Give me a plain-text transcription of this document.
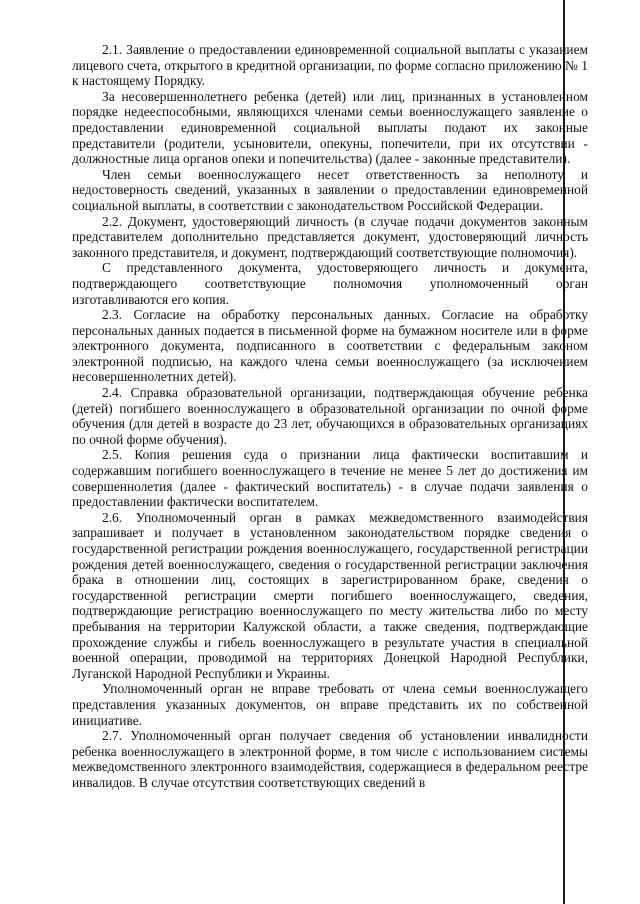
2.1. Заявление о предоставлении единовременной социальной выплаты с указанием лицевого счета, открытого в кредитной организации, по форме согласно приложению № 1 к настоящему Порядку.

За несовершеннолетнего ребенка (детей) или лиц, признанных в установленном порядке недееспособными, являющихся членами семьи военнослужащего заявление о предоставлении единовременной социальной выплаты подают их законные представители (родители, усыновители, опекуны, попечители, при их отсутствии - должностные лица органов опеки и попечительства) (далее - законные представители).

Член семьи военнослужащего несет ответственность за неполноту и недостоверность сведений, указанных в заявлении о предоставлении единовременной социальной выплаты, в соответствии с законодательством Российской Федерации.

2.2. Документ, удостоверяющий личность (в случае подачи документов законным представителем дополнительно представляется документ, удостоверяющий личность законного представителя, и документ, подтверждающий соответствующие полномочия).

С представленного документа, удостоверяющего личность и документа, подтверждающего соответствующие полномочия уполномоченный орган изготавливаются его копия.

2.3. Согласие на обработку персональных данных. Согласие на обработку персональных данных подается в письменной форме на бумажном носителе или в форме электронного документа, подписанного в соответствии с федеральным законом электронной подписью, на каждого члена семьи военнослужащего (за исключением несовершеннолетних детей).

2.4. Справка образовательной организации, подтверждающая обучение ребенка (детей) погибшего военнослужащего в образовательной организации по очной форме обучения (для детей в возрасте до 23 лет, обучающихся в образовательных организациях по очной форме обучения).

2.5. Копия решения суда о признании лица фактически воспитавшим и содержавшим погибшего военнослужащего в течение не менее 5 лет до достижения им совершеннолетия (далее - фактический воспитатель) - в случае подачи заявления о предоставлении фактически воспитателем.

2.6. Уполномоченный орган в рамках межведомственного взаимодействия запрашивает и получает в установленном законодательством порядке сведения о государственной регистрации рождения военнослужащего, государственной регистрации рождения детей военнослужащего, сведения о государственной регистрации заключения брака в отношении лиц, состоящих в зарегистрированном браке, сведения о государственной регистрации смерти погибшего военнослужащего, сведения, подтверждающие регистрацию военнослужащего по месту жительства либо по месту пребывания на территории Калужской области, а также сведения, подтверждающие прохождение службы и гибель военнослужащего в результате участия в специальной военной операции, проводимой на территориях Донецкой Народной Республики, Луганской Народной Республики и Украины.

Уполномоченный орган не вправе требовать от члена семьи военнослужащего представления указанных документов, он вправе представить их по собственной инициативе.

2.7. Уполномоченный орган получает сведения об установлении инвалидности ребенка военнослужащего в электронной форме, в том числе с использованием системы межведомственного электронного взаимодействия, содержащиеся в федеральном реестре инвалидов. В случае отсутствия соответствующих сведений в
